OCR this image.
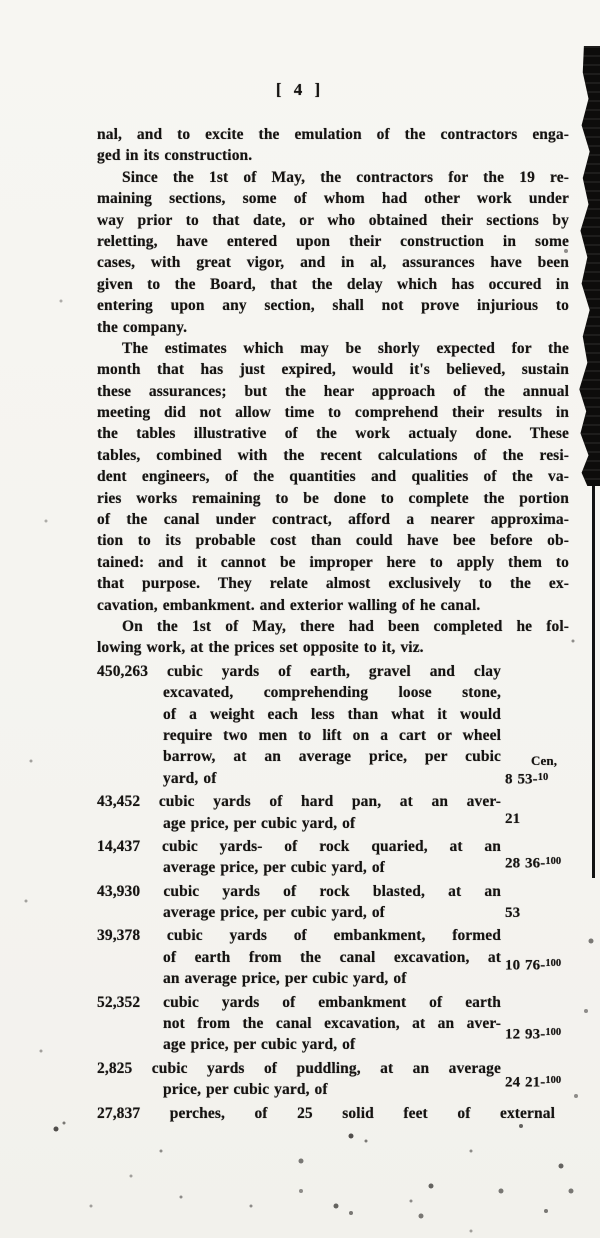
[ 4 ]
nal, and to excite the emulation of the contractors enga-
ged in its construction.
Since the 1st of May, the contractors for the 19 re-
maining sections, some of whom had other work under
way prior to that date, or who obtained their sections by
reletting, have entered upon their construction in some
cases, with great vigor, and in al, assurances have been
given to the Board, that the delay which has occured in
entering upon any section, shall not prove injurious to
the company.
The estimates which may be shorly expected for the
month that has just expired, would it's believed, sustain
these assurances; but the hear approach of the annual
meeting did not allow time to comprehend their results in
the tables illustrative of the work actualy done. These
tables, combined with the recent calculations of the resi-
dent engineers, of the quantities and qualities of the va-
ries works remaining to be done to complete the portion
of the canal under contract, afford a nearer approxima-
tion to its probable cost than could have bee before ob-
tained: and it cannot be improper here to apply them to
that purpose. They relate almost exclusively to the ex-
cavation, embankment. and exterior walling of he canal.
On the 1st of May, there had been completed he fol-
lowing work, at the prices set opposite to it, viz.
450,263 cubic yards of earth, gravel and clay
excavated, comprehending loose stone,
of a weight each less than what it would
require two men to lift on a cart or wheel
barrow, at an average price, per cubic
yard, of
Cen,
8 53-$^{10}$
43,452 cubic yards of hard pan, at an aver-
age price, per cubic yard, of	21
14,437 cubic yards- of rock quaried, at an
average price, per cubic yard, of	28 36-$^{100}$
43,930 cubic yards of rock blasted, at an
average price, per cubic yard, of	53
39,378 cubic yards of embankment, formed
of earth from the canal excavation, at
an average price, per cubic yard, of
10 76-$^{100}$
52,352 cubic yards of embankment of earth
not from the canal excavation, at an aver-
age price, per cubic yard, of
12 93-$^{100}$
2,825 cubic yards of puddling, at an average
price, per cubic yard, of	24 21-$^{100}$
27,837 perches, of 25 solid feet of external
